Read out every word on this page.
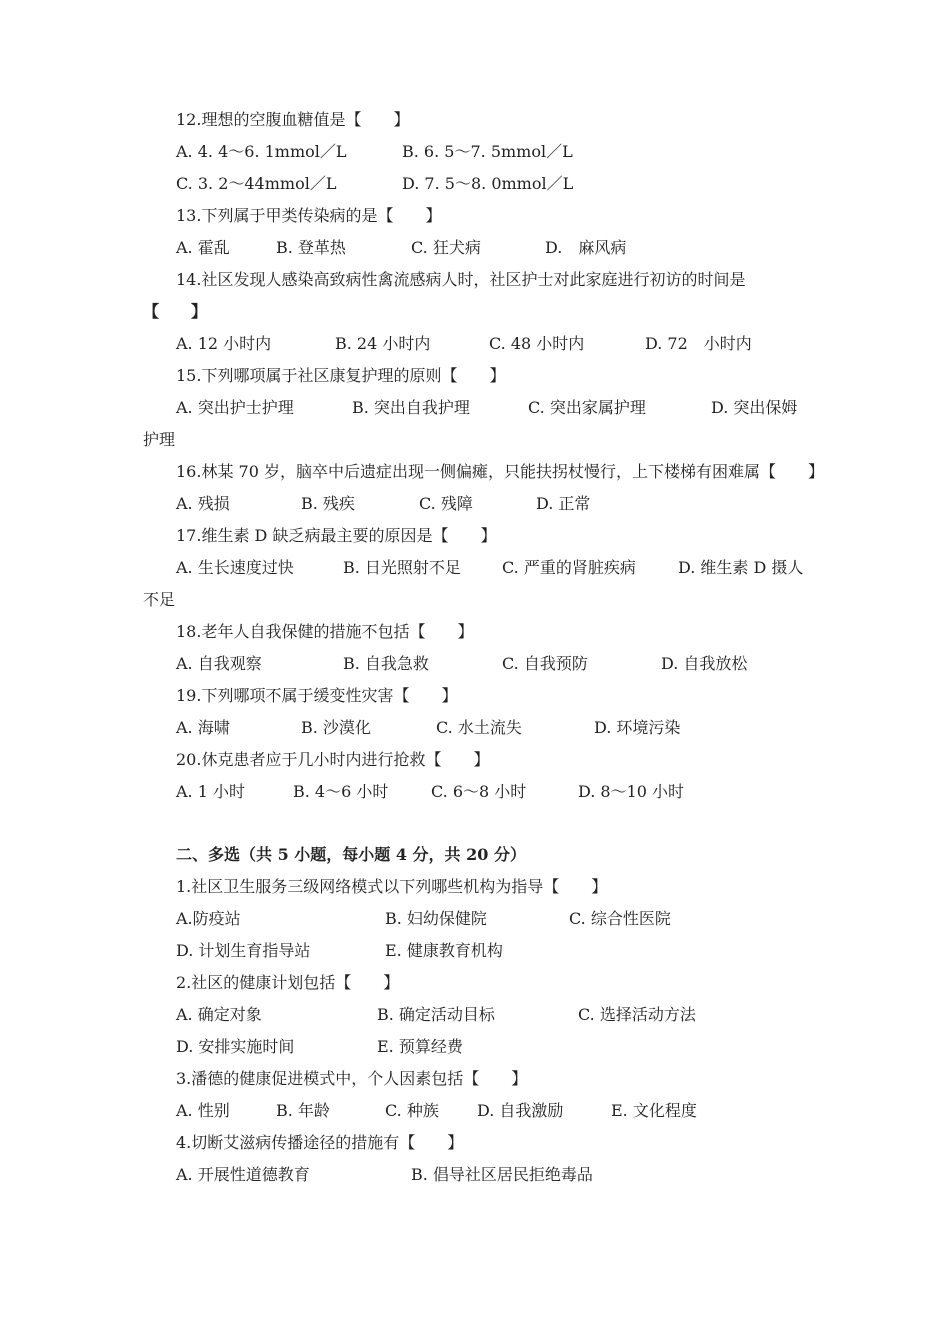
12.理想的空腹血糖值是【　　】
A. 4. 4～6. 1mmol／L	B. 6. 5～7. 5mmol／L
C. 3. 2～44mmol／L	D. 7. 5～8. 0mmol／L
13.下列属于甲类传染病的是【　　】
A. 霍乱	B. 登革热	C. 狂犬病	D.　麻风病
14.社区发现人感染高致病性禽流感病人时，社区护士对此家庭进行初访的时间是
【　　】
A. 12 小时内	B. 24 小时内	C. 48 小时内	D. 72　小时内
15.下列哪项属于社区康复护理的原则【　　】
A. 突出护士护理	B. 突出自我护理	C. 突出家属护理	D. 突出保姆
护理
16.林某 70 岁，脑卒中后遗症出现一侧偏瘫，只能扶拐杖慢行，上下楼梯有困难属【　　】
A. 残损	B. 残疾	C. 残障	D. 正常
17.维生素 D 缺乏病最主要的原因是【　　】
A. 生长速度过快	B. 日光照射不足	C. 严重的肾脏疾病	D. 维生素 D 摄人
不足
18.老年人自我保健的措施不包括【　　】
A. 自我观察	B. 自我急救	C. 自我预防	D. 自我放松
19.下列哪项不属于缓变性灾害【　　】
A. 海啸	B. 沙漠化	C. 水土流失	D. 环境污染
20.休克患者应于几小时内进行抢救【　　】
A. 1 小时	B. 4～6 小时	C. 6～8 小时	D. 8～10 小时
二、多选（共 5 小题，每小题 4 分，共 20 分）
1.社区卫生服务三级网络模式以下列哪些机构为指导【　　】
A.防疫站	B. 妇幼保健院	C. 综合性医院
D. 计划生育指导站	E. 健康教育机构
2.社区的健康计划包括【　　】
A. 确定对象	B. 确定活动目标	C. 选择活动方法
D. 安排实施时间	E. 预算经费
3.潘德的健康促进模式中，个人因素包括【　　】
A. 性别	B. 年龄	C. 种族 D. 自我激励	E. 文化程度
4.切断艾滋病传播途径的措施有【　　】
A. 开展性道德教育	B. 倡导社区居民拒绝毒品
